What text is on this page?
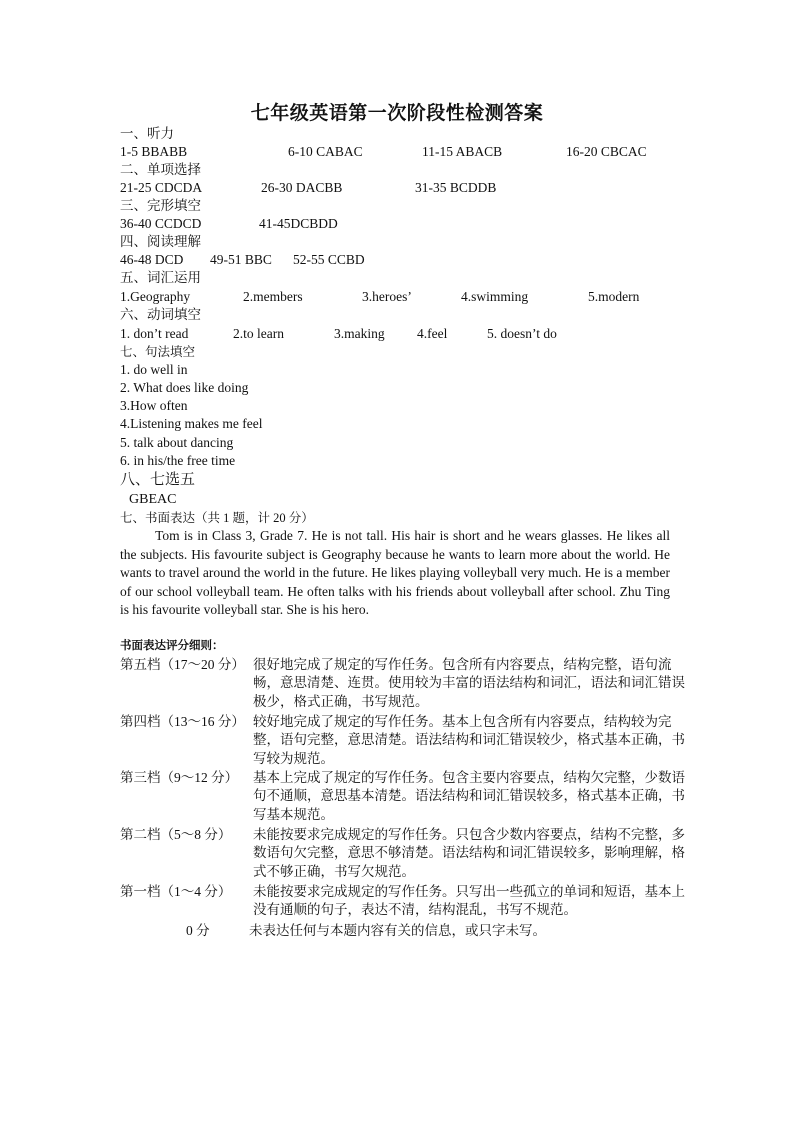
七年级英语第一次阶段性检测答案
一、听力
1-5 BBABB	6-10 CABAC	11-15 ABACB	16-20 CBCAC
二、单项选择
21-25 CDCDA	26-30 DACBB	31-35 BCDDB
三、完形填空
36-40 CCDCD	41-45DCBDD
四、阅读理解
46-48 DCD 49-51 BBC 52-55 CCBD
五、词汇运用
1.Geography	2.members	3.heroes’	4.swimming	5.modern
六、动词填空
1. don’t read	2.to learn	3.making 4.feel	5. doesn’t do
七、句法填空
1. do well in
2. What does like doing
3.How often
4.Listening makes me feel
5. talk about dancing
6. in his/the free time
八、七选五
GBEAC
七、书面表达（共 1 题，计 20 分）
Tom is in Class 3, Grade 7. He is not tall. His hair is short and he wears glasses. He likes all the subjects. His favourite subject is Geography because he wants to learn more about the world. He wants to travel around the world in the future. He likes playing volleyball very much. He is a member of our school volleyball team. He often talks with his friends about volleyball after school. Zhu Ting is his favourite volleyball star. She is his hero.
书面表达评分细则：
第五档（17～20 分） 很好地完成了规定的写作任务。包含所有内容要点，结构完整，语句流畅，意思清楚、连贯。使用较为丰富的语法结构和词汇，语法和词汇错误极少，格式正确，书写规范。
第四档（13～16 分） 较好地完成了规定的写作任务。基本上包含所有内容要点，结构较为完整，语句完整，意思清楚。语法结构和词汇错误较少，格式基本正确，书写较为规范。
第三档（9～12 分） 基本上完成了规定的写作任务。包含主要内容要点，结构欠完整，少数语句不通顺，意思基本清楚。语法结构和词汇错误较多，格式基本正确，书写基本规范。
第二档（5～8 分） 未能按要求完成规定的写作任务。只包含少数内容要点，结构不完整，多数语句欠完整，意思不够清楚。语法结构和词汇错误较多，影响理解，格式不够正确，书写欠规范。
第一档（1～4 分） 未能按要求完成规定的写作任务。只写出一些孤立的单词和短语，基本上没有通顺的句子，表达不清，结构混乱，书写不规范。
0 分	未表达任何与本题内容有关的信息，或只字未写。
